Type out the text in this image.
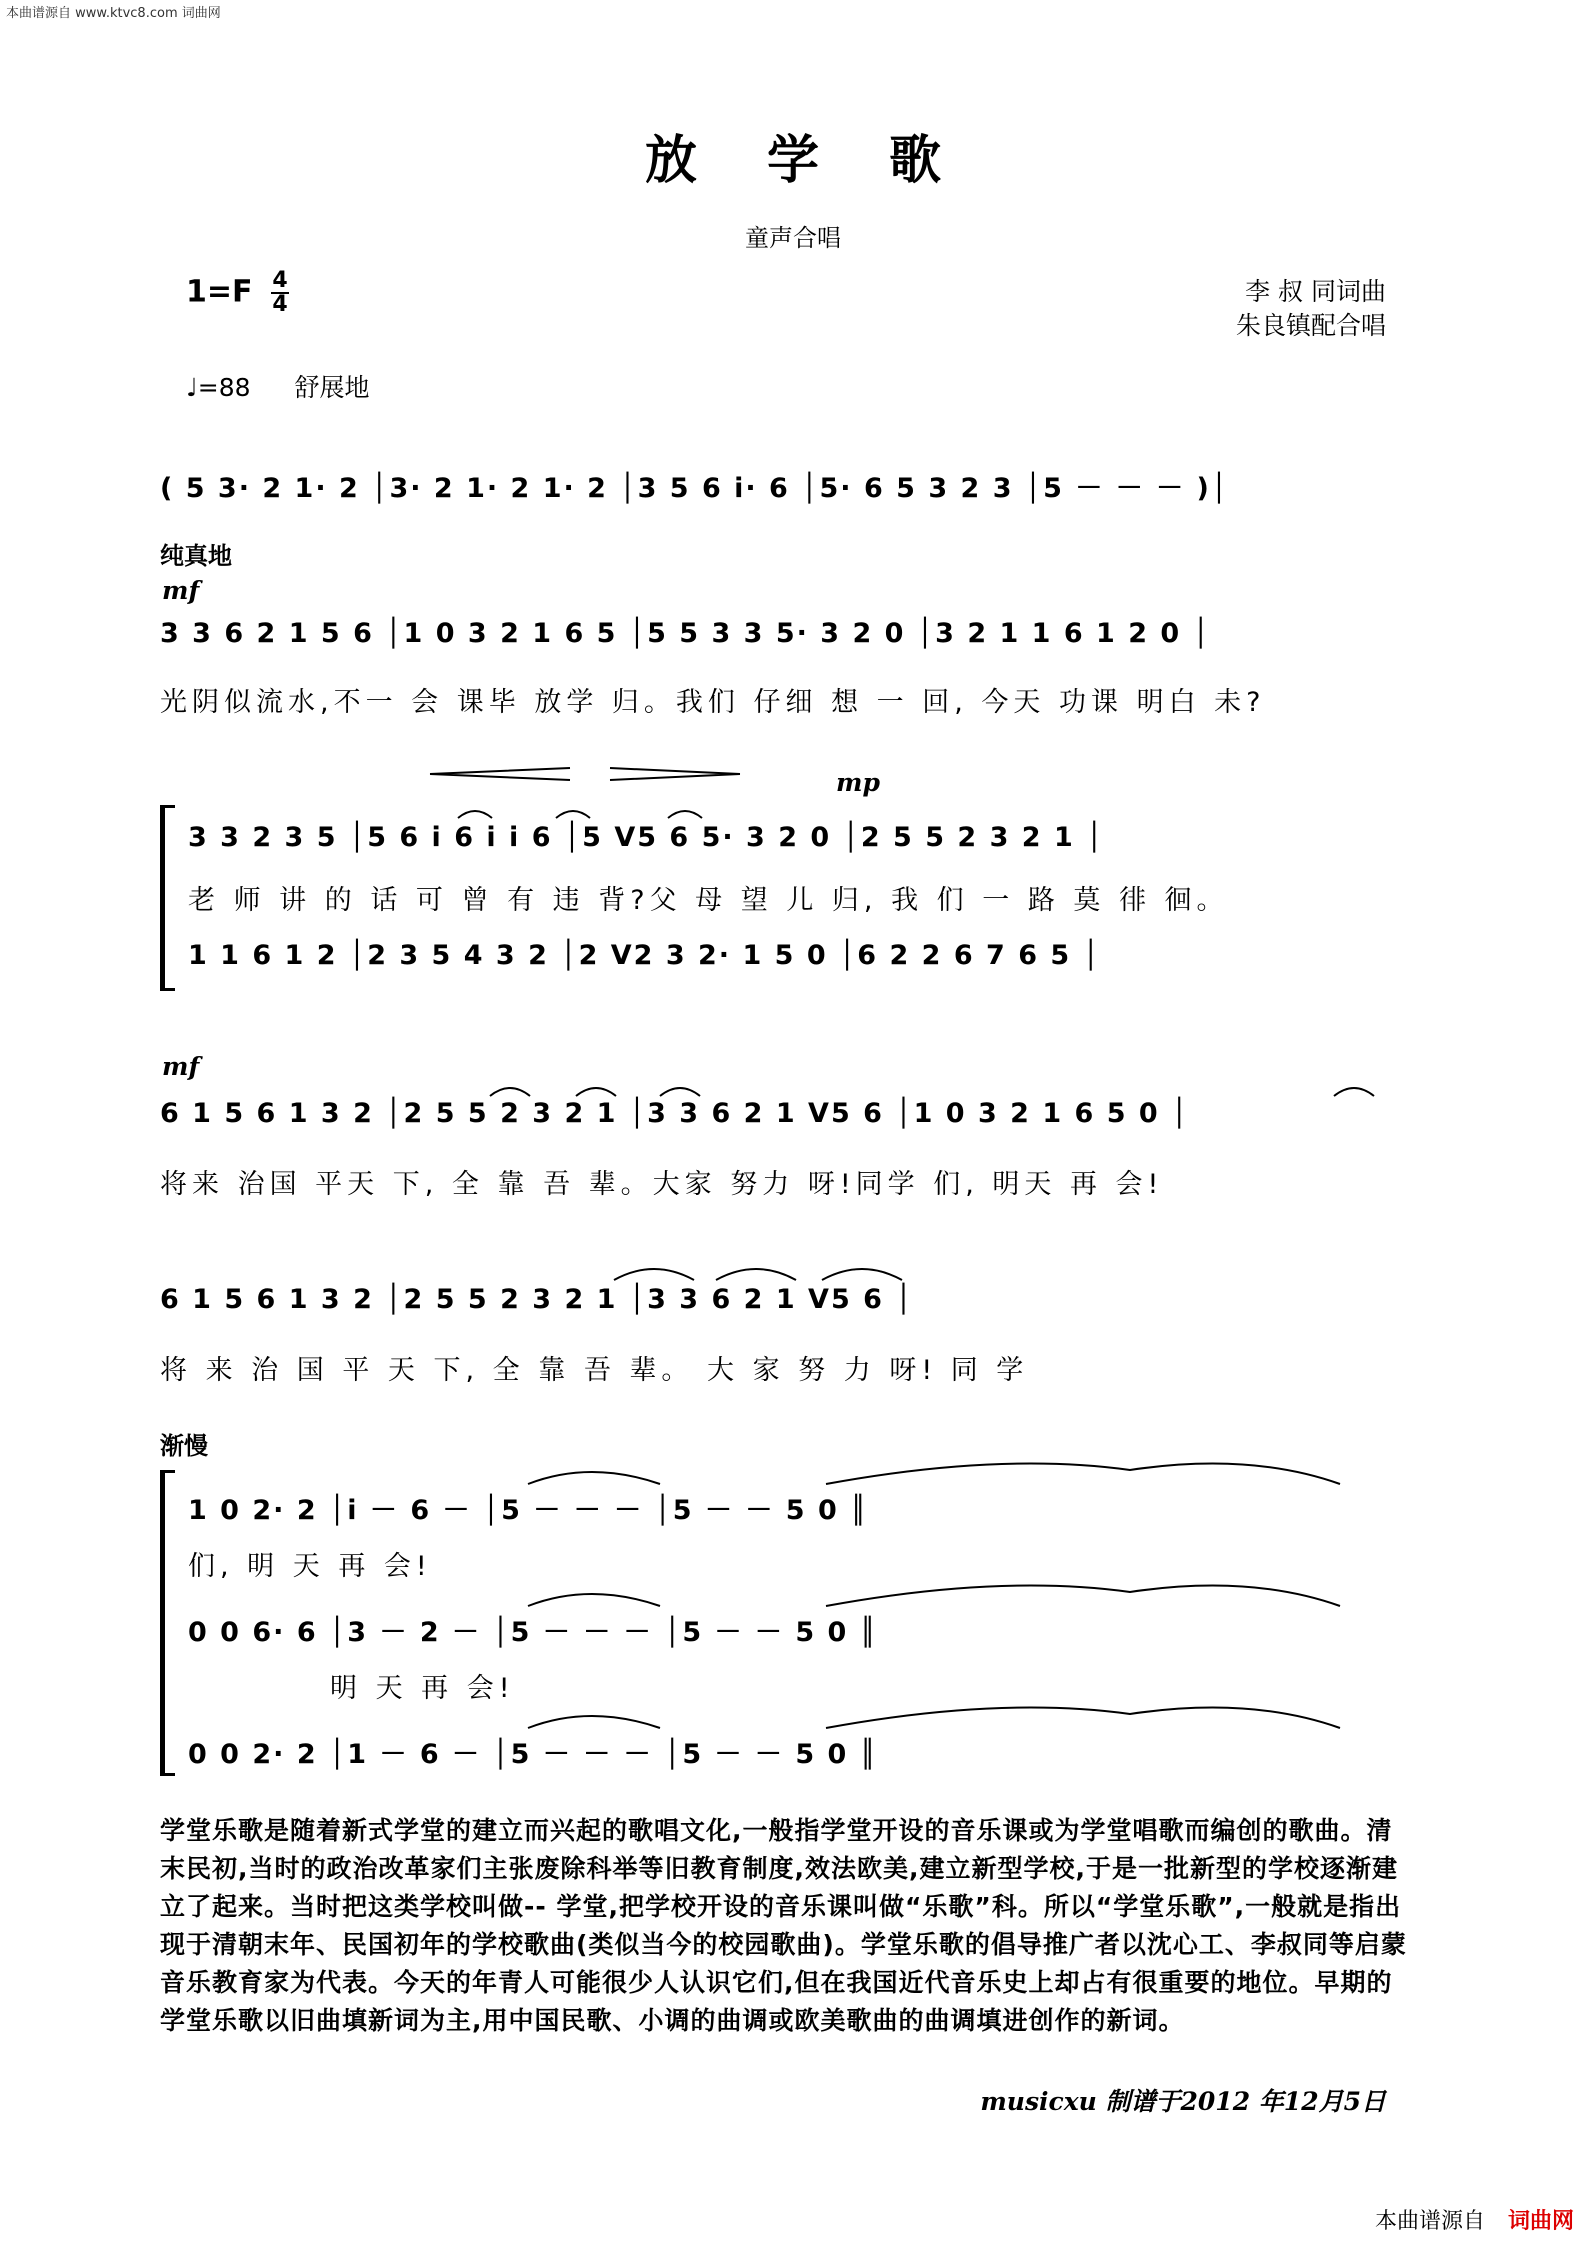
本曲谱源自 www.ktvc8.com 词曲网
放学歌
童声合唱
$1=F \frac{4}{4}$	李 叔 同词曲
朱良镇配合唱
♩=88 舒展地
( 5 3· 2 1· 2 │3· 2 1· 2 1· 2 │3 5 6 i· 6 │5· 6 5 3 2 3 │5 － － － )│
纯真地
mf
3 3 6 2 1 5 6 │1 0 3 2 1 6 5 │5 5 3 3 5· 3 2 0 │3 2 1 1 6 1 2 0 │
光阴似流水,不一 会 课毕 放学 归。我们 仔细 想 一 回, 今天 功课 明白 未?
mp
3 3 2 3 5 │5 6 i 6 i i 6 │5 V5 6 5· 3 2 0 │2 5 5 2 3 2 1 │
老 师 讲 的 话 可 曾 有 违 背?父 母 望 儿 归, 我 们 一 路 莫 徘 徊。
1 1 6 1 2 │2 3 5 4 3 2 │2 V2 3 2· 1 5 0 │6 2 2 6 7 6 5 │
mf
6 1 5 6 1 3 2 │2 5 5 2 3 2 1 │3 3 6 2 1 V5 6 │1 0 3 2 1 6 5 0 │
将来 治国 平天 下, 全 靠 吾 辈。大家 努力 呀!同学 们, 明天 再 会!
6 1 5 6 1 3 2 │2 5 5 2 3 2 1 │3 3 6 2 1 V5 6 │
将 来 治 国 平 天 下, 全 靠 吾 辈。 大 家 努 力 呀! 同 学
渐慢
1 0 2· 2 │i － 6 － │5 － － － │5 － － 5 0 ║
们, 明 天 再 会!
0 0 6· 6 │3 － 2 － │5 － － － │5 － － 5 0 ║
明 天 再 会!
0 0 2· 2 │1 － 6 － │5 － － － │5 － － 5 0 ║
学堂乐歌是随着新式学堂的建立而兴起的歌唱文化,一般指学堂开设的音乐课或为学堂唱歌而编创的歌曲。清末民初,当时的政治改革家们主张废除科举等旧教育制度,效法欧美,建立新型学校,于是一批新型的学校逐渐建立了起来。当时把这类学校叫做-- 学堂,把学校开设的音乐课叫做“乐歌”科。所以“学堂乐歌”,一般就是指出现于清朝末年、民国初年的学校歌曲(类似当今的校园歌曲)。学堂乐歌的倡导推广者以沈心工、李叔同等启蒙音乐教育家为代表。今天的年青人可能很少人认识它们,但在我国近代音乐史上却占有很重要的地位。早期的学堂乐歌以旧曲填新词为主,用中国民歌、小调的曲调或欧美歌曲的曲调填进创作的新词。
musicxu 制谱于2012 年12月5日
本曲谱源自 词曲网
